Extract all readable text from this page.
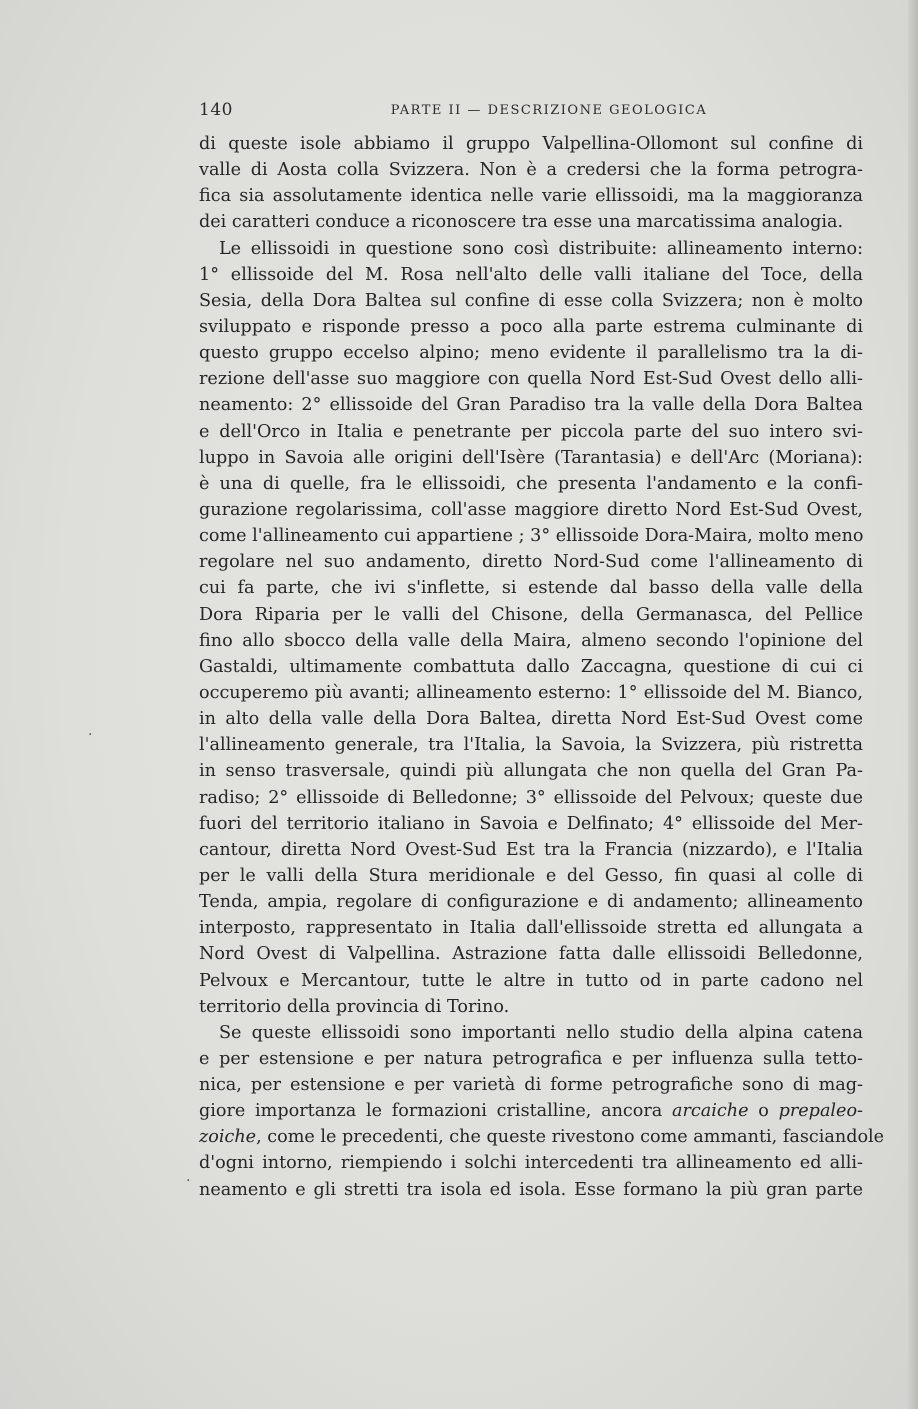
140	PARTE II — DESCRIZIONE GEOLOGICA
di queste isole abbiamo il gruppo Valpellina-Ollomont sul confine di
valle di Aosta colla Svizzera. Non è a credersi che la forma petrogra-
fica sia assolutamente identica nelle varie ellissoidi, ma la maggioranza
dei caratteri conduce a riconoscere tra esse una marcatissima analogia.
Le ellissoidi in questione sono così distribuite: allineamento interno:
1° ellissoide del M. Rosa nell'alto delle valli italiane del Toce, della
Sesia, della Dora Baltea sul confine di esse colla Svizzera; non è molto
sviluppato e risponde presso a poco alla parte estrema culminante di
questo gruppo eccelso alpino; meno evidente il parallelismo tra la di-
rezione dell'asse suo maggiore con quella Nord Est-Sud Ovest dello alli-
neamento: 2° ellissoide del Gran Paradiso tra la valle della Dora Baltea
e dell'Orco in Italia e penetrante per piccola parte del suo intero svi-
luppo in Savoia alle origini dell'Isère (Tarantasia) e dell'Arc (Moriana):
è una di quelle, fra le ellissoidi, che presenta l'andamento e la confi-
gurazione regolarissima, coll'asse maggiore diretto Nord Est-Sud Ovest,
come l'allineamento cui appartiene ; 3° ellissoide Dora-Maira, molto meno
regolare nel suo andamento, diretto Nord-Sud come l'allineamento di
cui fa parte, che ivi s'inflette, si estende dal basso della valle della
Dora Riparia per le valli del Chisone, della Germanasca, del Pellice
fino allo sbocco della valle della Maira, almeno secondo l'opinione del
Gastaldi, ultimamente combattuta dallo Zaccagna, questione di cui ci
occuperemo più avanti; allineamento esterno: 1° ellissoide del M. Bianco,
in alto della valle della Dora Baltea, diretta Nord Est-Sud Ovest come
l'allineamento generale, tra l'Italia, la Savoia, la Svizzera, più ristretta
in senso trasversale, quindi più allungata che non quella del Gran Pa-
radiso; 2° ellissoide di Belledonne; 3° ellissoide del Pelvoux; queste due
fuori del territorio italiano in Savoia e Delfinato; 4° ellissoide del Mer-
cantour, diretta Nord Ovest-Sud Est tra la Francia (nizzardo), e l'Italia
per le valli della Stura meridionale e del Gesso, fin quasi al colle di
Tenda, ampia, regolare di configurazione e di andamento; allineamento
interposto, rappresentato in Italia dall'ellissoide stretta ed allungata a
Nord Ovest di Valpellina. Astrazione fatta dalle ellissoidi Belledonne,
Pelvoux e Mercantour, tutte le altre in tutto od in parte cadono nel
territorio della provincia di Torino.
Se queste ellissoidi sono importanti nello studio della alpina catena
e per estensione e per natura petrografica e per influenza sulla tetto-
nica, per estensione e per varietà di forme petrografiche sono di mag-
giore importanza le formazioni cristalline, ancora arcaiche o prepaleo-
zoiche, come le precedenti, che queste rivestono come ammanti, fasciandole
d'ogni intorno, riempiendo i solchi intercedenti tra allineamento ed alli-
neamento e gli stretti tra isola ed isola. Esse formano la più gran parte
·
·
